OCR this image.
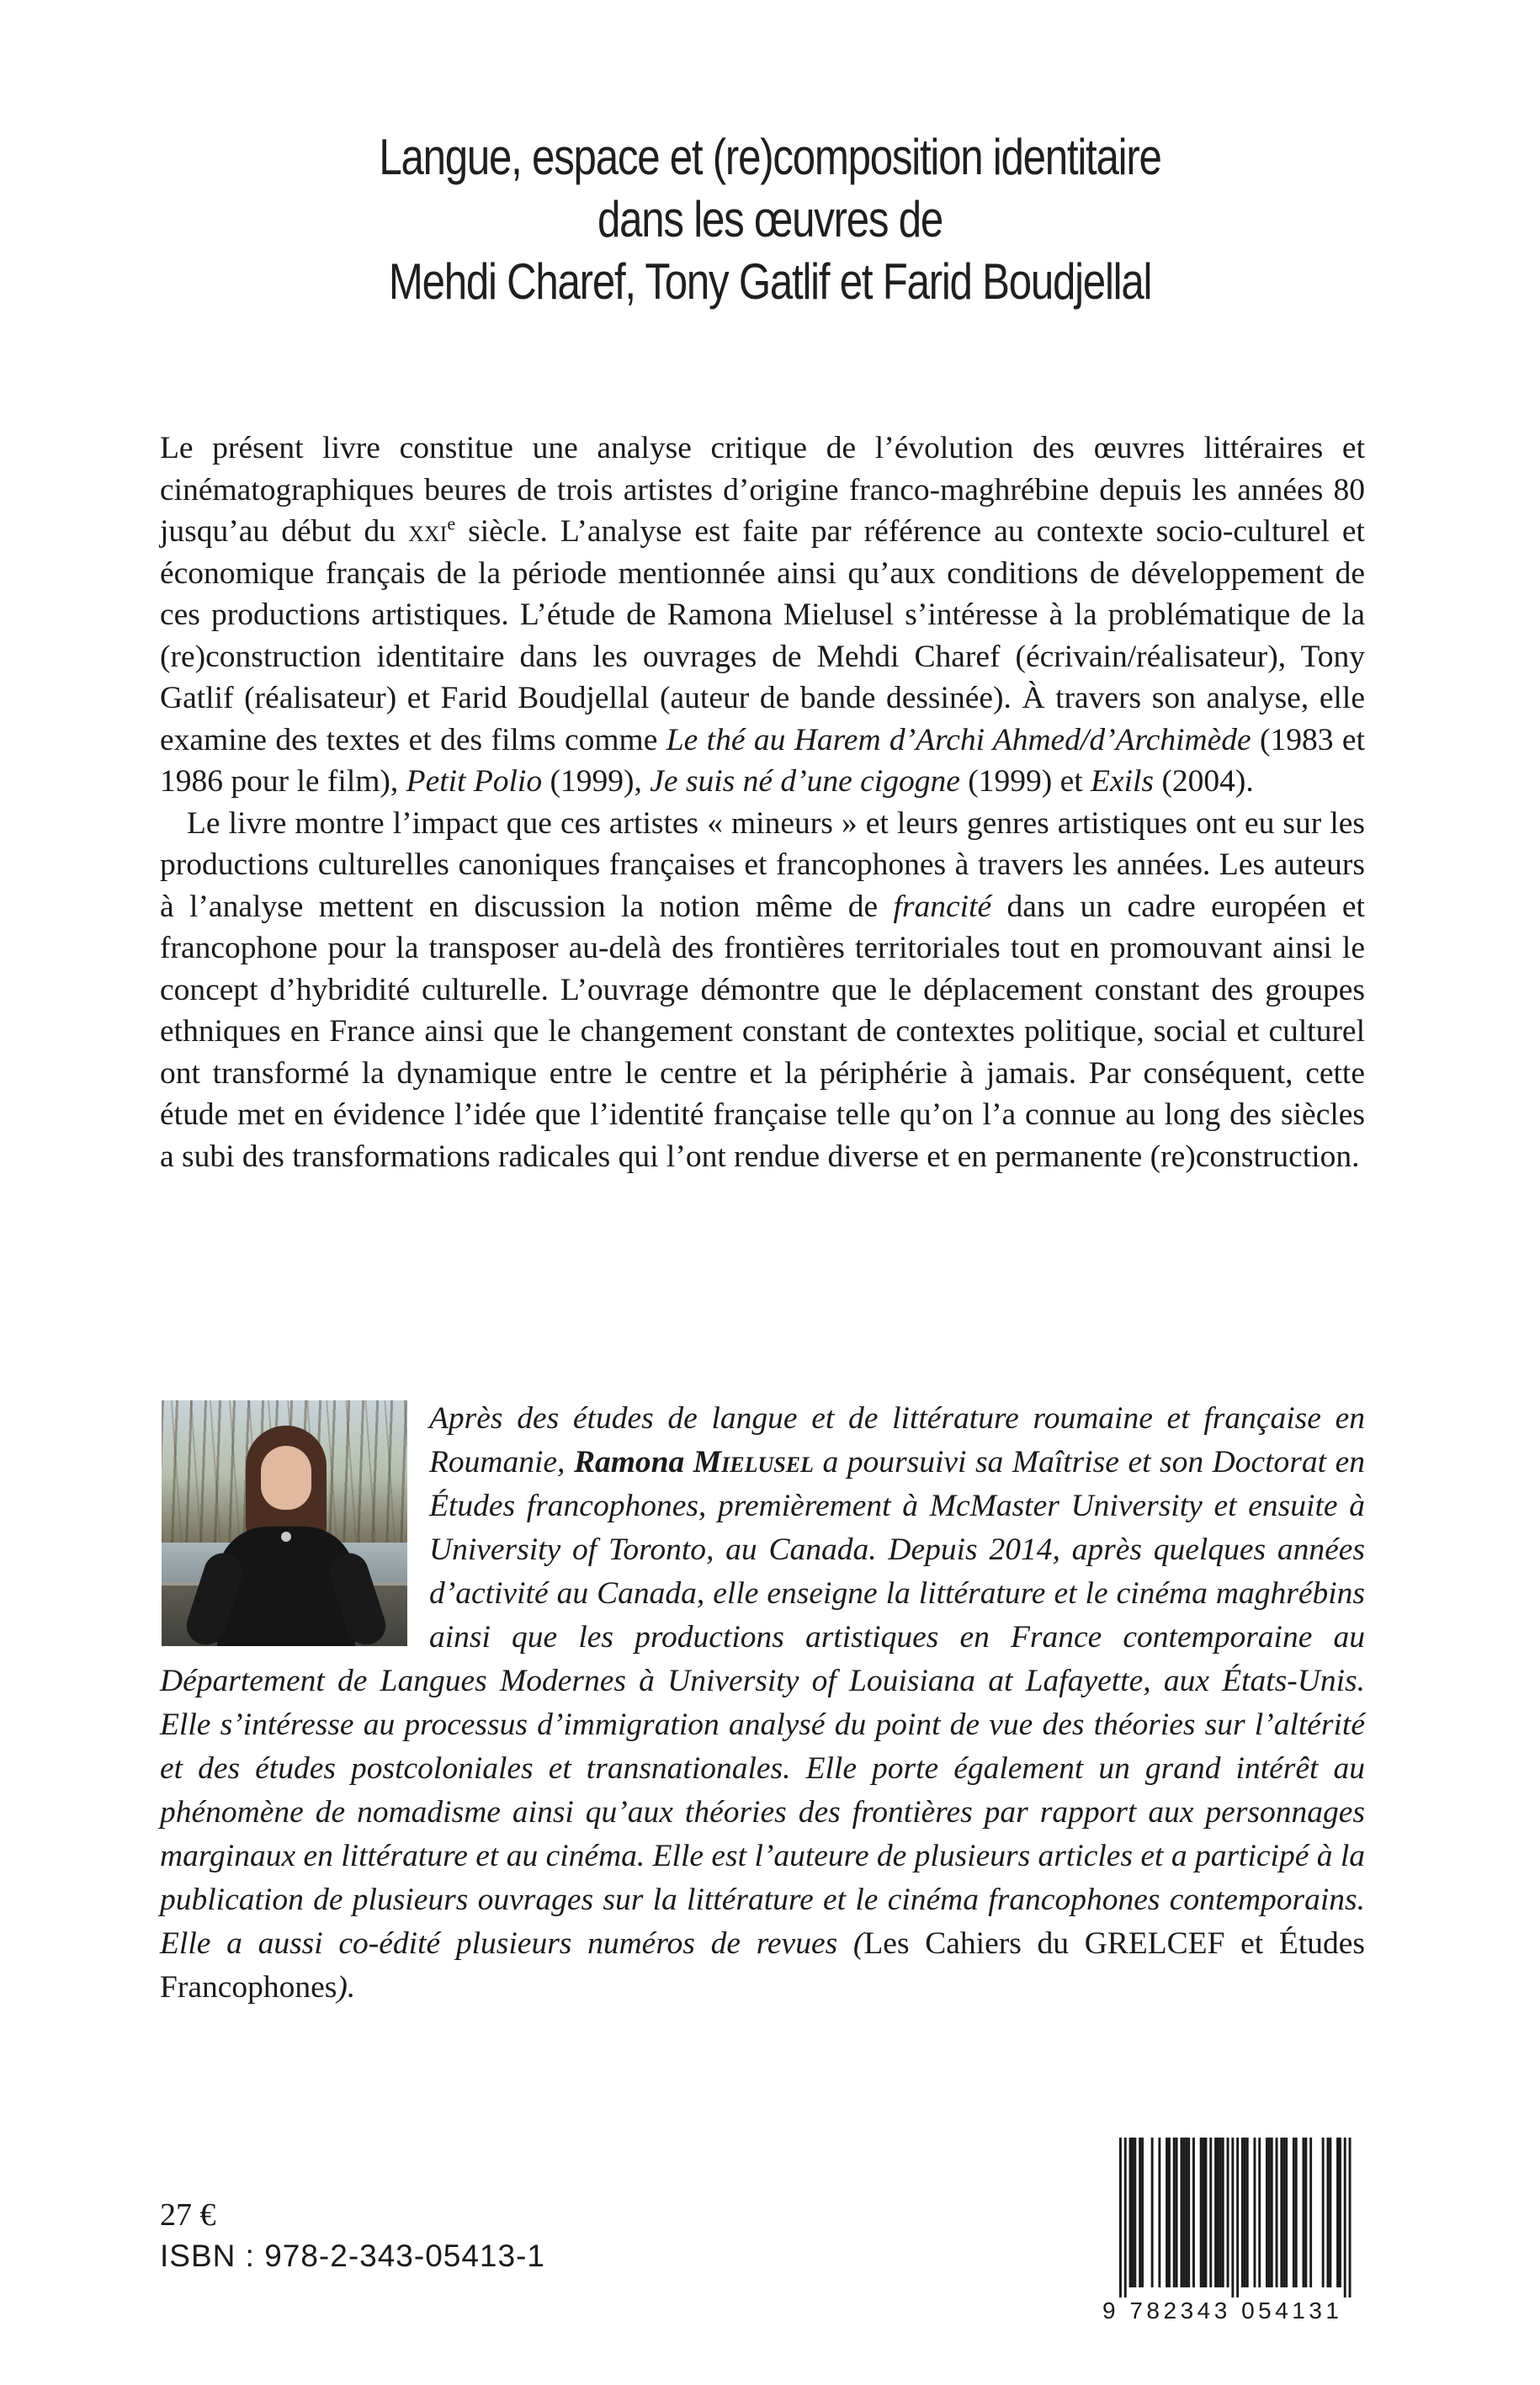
Langue, espace et (re)composition identitaire
dans les œuvres de
Mehdi Charef, Tony Gatlif et Farid Boudjellal

Le présent livre constitue une analyse critique de l’évolution des œuvres littéraires et cinématographiques beures de trois artistes d’origine franco-maghrébine depuis les années 80 jusqu’au début du xxi$^e$ siècle. L’analyse est faite par référence au contexte socio-culturel et économique français de la période mentionnée ainsi qu’aux conditions de développement de ces productions artistiques. L’étude de Ramona Mielusel s’intéresse à la problématique de la (re)construction identitaire dans les ouvrages de Mehdi Charef (écrivain/réalisateur), Tony Gatlif (réalisateur) et Farid Boudjellal (auteur de bande dessinée). À travers son analyse, elle examine des textes et des films comme Le thé au Harem d’Archi Ahmed/d’Archimède (1983 et 1986 pour le film), Petit Polio (1999), Je suis né d’une cigogne (1999) et Exils (2004).

Le livre montre l’impact que ces artistes « mineurs » et leurs genres artistiques ont eu sur les productions culturelles canoniques françaises et francophones à travers les années. Les auteurs à l’analyse mettent en discussion la notion même de francité dans un cadre européen et francophone pour la transposer au-delà des frontières territoriales tout en promouvant ainsi le concept d’hybridité culturelle. L’ouvrage démontre que le déplacement constant des groupes ethniques en France ainsi que le changement constant de contextes politique, social et culturel ont transformé la dynamique entre le centre et la périphérie à jamais. Par conséquent, cette étude met en évidence l’idée que l’identité française telle qu’on l’a connue au long des siècles a subi des transformations radicales qui l’ont rendue diverse et en permanente (re)construction.

Après des études de langue et de littérature roumaine et française en Roumanie, Ramona Mielusel a poursuivi sa Maîtrise et son Doctorat en Études francophones, premièrement à McMaster University et ensuite à University of Toronto, au Canada. Depuis 2014, après quelques années d’activité au Canada, elle enseigne la littérature et le cinéma maghrébins ainsi que les productions artistiques en France contemporaine au Département de Langues Modernes à University of Louisiana at Lafayette, aux États-Unis. Elle s’intéresse au processus d’immigration analysé du point de vue des théories sur l’altérité et des études postcoloniales et transnationales. Elle porte également un grand intérêt au phénomène de nomadisme ainsi qu’aux théories des frontières par rapport aux personnages marginaux en littérature et au cinéma. Elle est l’auteure de plusieurs articles et a participé à la publication de plusieurs ouvrages sur la littérature et le cinéma francophones contemporains. Elle a aussi co-édité plusieurs numéros de revues (Les Cahiers du GRELCEF et Études Francophones).

27 €
ISBN : 978-2-343-05413-1
9 782343 054131
